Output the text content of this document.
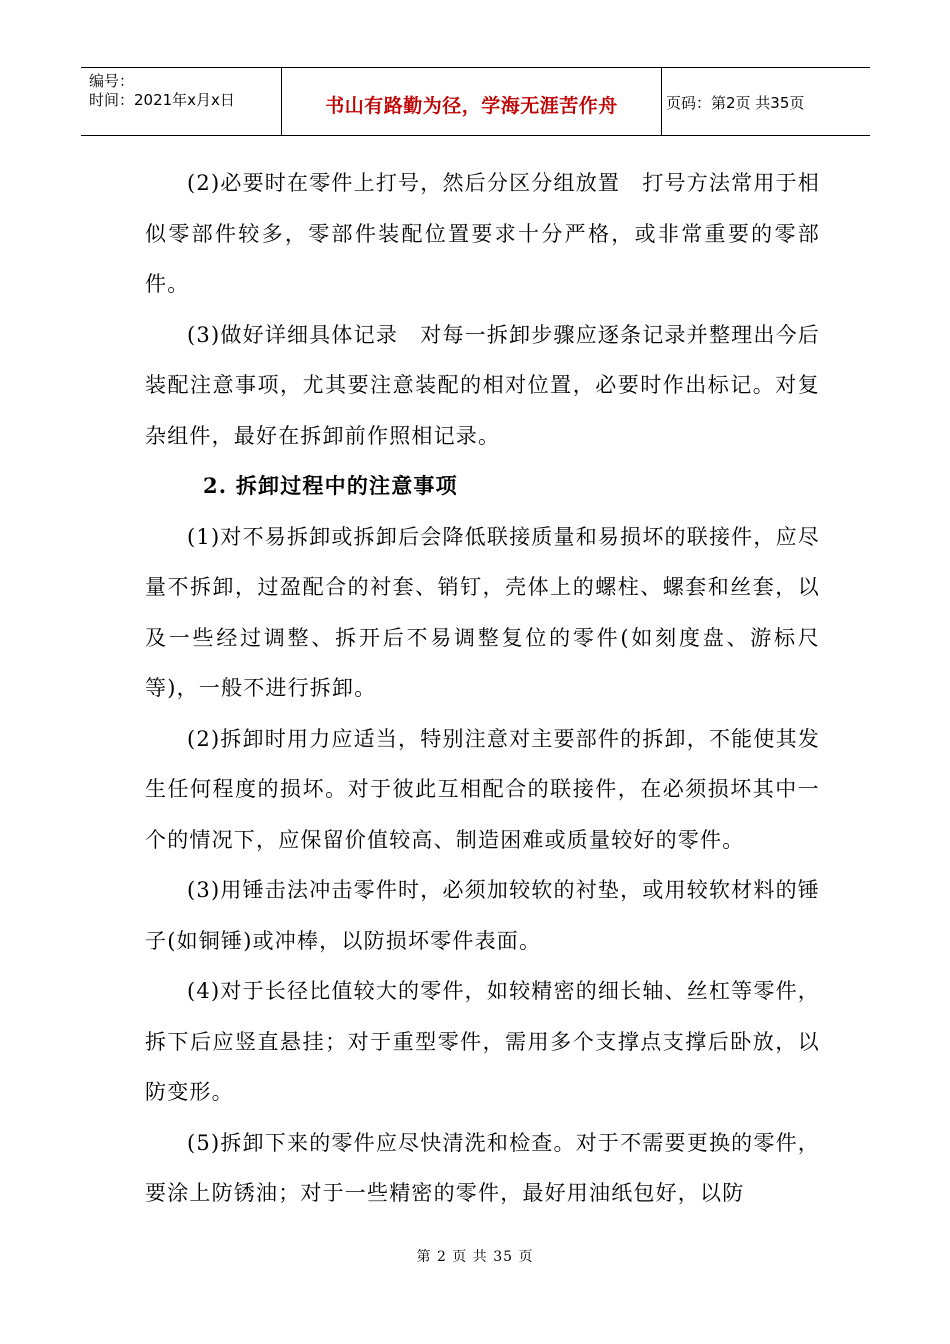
编号：
时间：2021年x月x日	书山有路勤为径，学海无涯苦作舟	页码：第2页 共35页

(2)必要时在零件上打号，然后分区分组放置　打号方法常用于相似零部件较多，零部件装配位置要求十分严格，或非常重要的零部件。

(3)做好详细具体记录　对每一拆卸步骤应逐条记录并整理出今后装配注意事项，尤其要注意装配的相对位置，必要时作出标记。对复杂组件，最好在拆卸前作照相记录。

2. 拆卸过程中的注意事项

(1)对不易拆卸或拆卸后会降低联接质量和易损坏的联接件，应尽量不拆卸，过盈配合的衬套、销钉，壳体上的螺柱、螺套和丝套，以及一些经过调整、拆开后不易调整复位的零件(如刻度盘、游标尺等)，一般不进行拆卸。

(2)拆卸时用力应适当，特别注意对主要部件的拆卸，不能使其发生任何程度的损坏。对于彼此互相配合的联接件，在必须损坏其中一个的情况下，应保留价值较高、制造困难或质量较好的零件。

(3)用锤击法冲击零件时，必须加较软的衬垫，或用较软材料的锤子(如铜锤)或冲棒，以防损坏零件表面。

(4)对于长径比值较大的零件，如较精密的细长轴、丝杠等零件，拆下后应竖直悬挂；对于重型零件，需用多个支撑点支撑后卧放，以防变形。

(5)拆卸下来的零件应尽快清洗和检查。对于不需要更换的零件，要涂上防锈油；对于一些精密的零件，最好用油纸包好，以防

第 2 页 共 35 页
